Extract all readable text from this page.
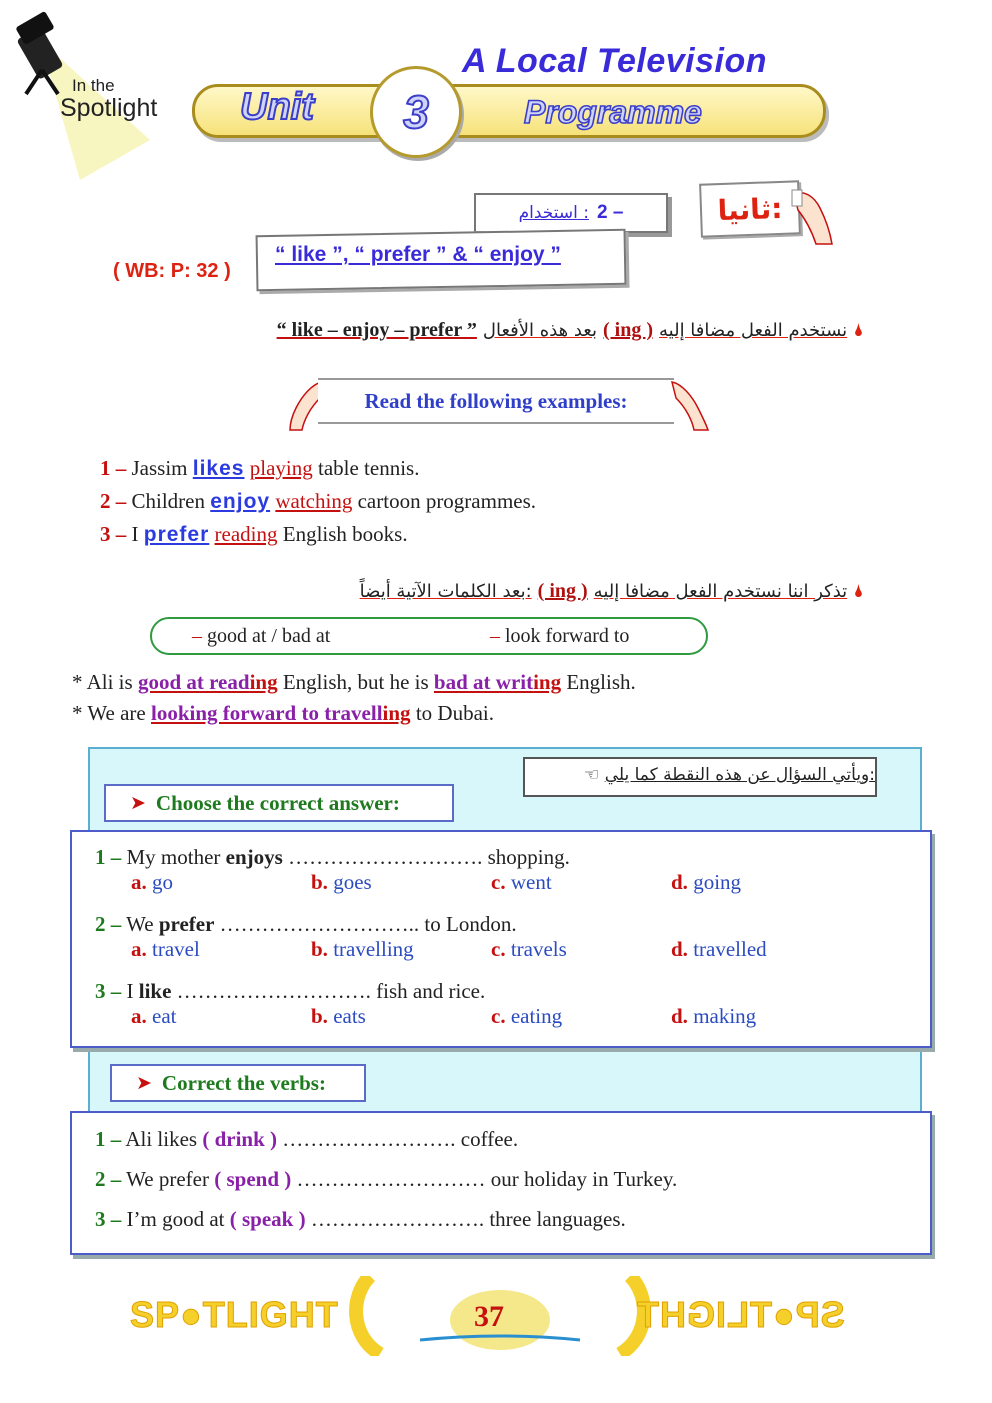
In the
Spotlight
A Local Television
Unit 3	Programme
ثانيا:
استخدام : 2 –
“ like ”, “ prefer ” & “ enjoy ”
( WB: P: 32 )
🌢
نستخدم الفعل مضافا إليه
( ing )
بعد هذه الأفعال
“ like – enjoy – prefer ”
Read the following examples:
1 – Jassim likes playing table tennis.
2 – Children enjoy watching cartoon programmes.
3 – I prefer reading English books.
🌢
تذكر اننا نستخدم الفعل مضافا إليه
( ing )
بعد الكلمات الآتية أيضاً:
– good at / bad at	– look forward to
* Ali is good at reading English, but he is bad at writing English.
* We are looking forward to travelling to Dubai.
☜ ويأتي السؤال عن هذه النقطة كما يلي:
➤ Choose the correct answer:
1 – My mother enjoys ………………………. shopping.
a. go	b. goes	c. went	d. going
2 – We prefer ……………………….. to London.
a. travel	b. travelling	c. travels	d. travelled
3 – I like ………………………. fish and rice.
a. eat	b. eats	c. eating	d. making
➤ Correct the verbs:
1 – Ali likes ( drink ) ……………………. coffee.
2 – We prefer ( spend ) ……………………… our holiday in Turkey.
3 – I’m good at ( speak ) ……………………. three languages.
SP●TLIGHT	37	SP●TLIGHT
